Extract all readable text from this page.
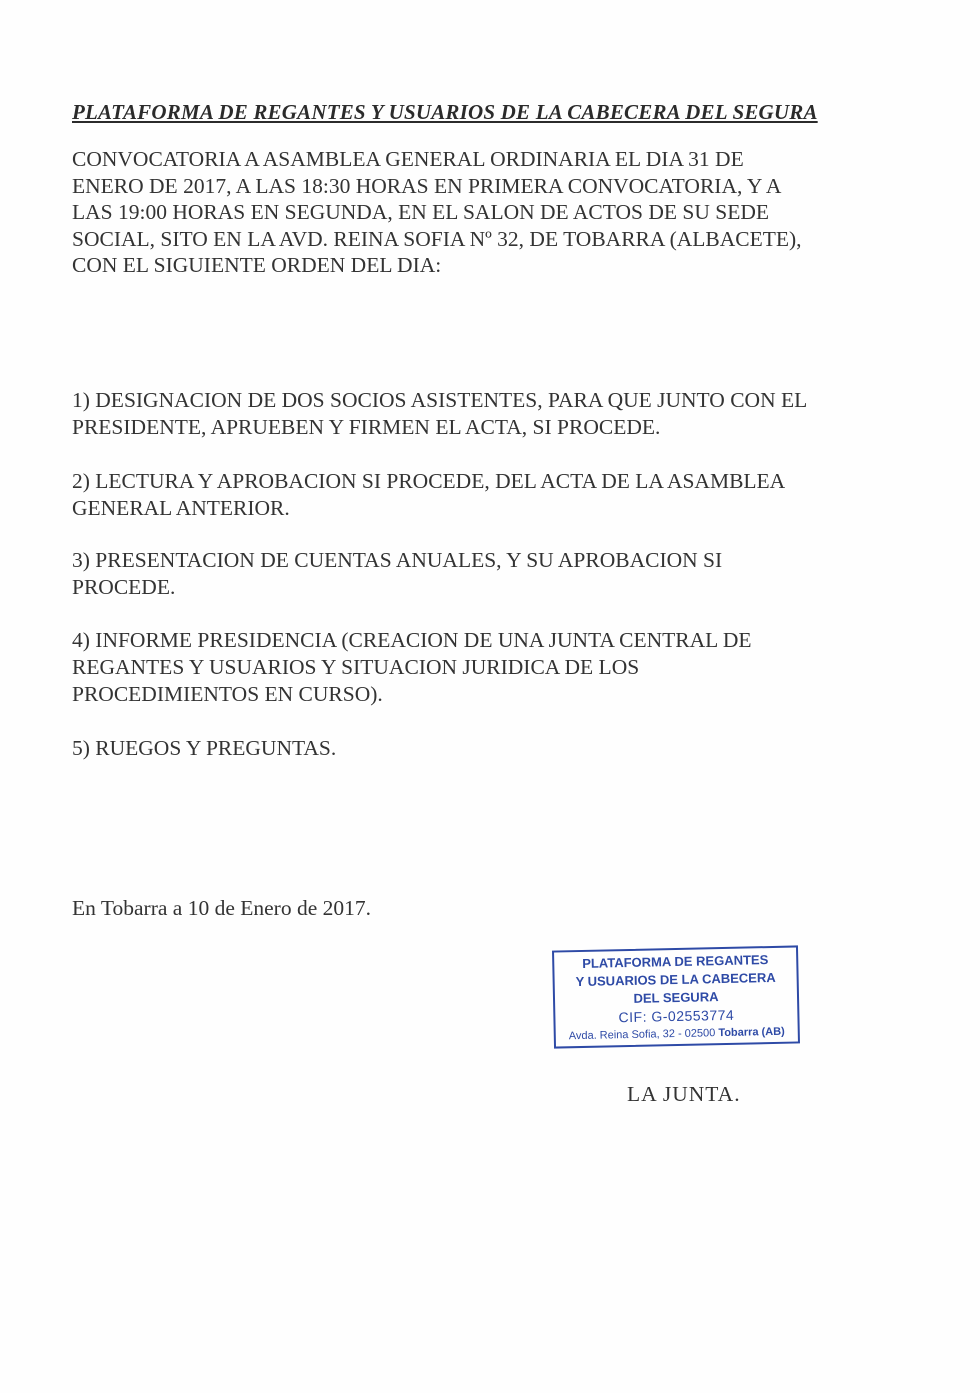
PLATAFORMA DE REGANTES Y USUARIOS DE LA CABECERA DEL SEGURA
CONVOCATORIA A ASAMBLEA GENERAL ORDINARIA EL DIA 31 DE
ENERO DE 2017, A LAS 18:30 HORAS EN PRIMERA CONVOCATORIA, Y A
LAS 19:00 HORAS EN SEGUNDA, EN EL SALON DE ACTOS DE SU SEDE
SOCIAL, SITO EN LA AVD. REINA SOFIA Nº 32, DE TOBARRA (ALBACETE),
CON EL SIGUIENTE ORDEN DEL DIA:
1) DESIGNACION DE DOS SOCIOS ASISTENTES, PARA QUE JUNTO CON EL
PRESIDENTE, APRUEBEN Y FIRMEN EL ACTA, SI PROCEDE.
2) LECTURA Y APROBACION SI PROCEDE, DEL ACTA DE LA ASAMBLEA
GENERAL ANTERIOR.
3) PRESENTACION DE CUENTAS ANUALES, Y SU APROBACION SI
PROCEDE.
4) INFORME PRESIDENCIA (CREACION DE UNA JUNTA CENTRAL DE
REGANTES Y USUARIOS Y SITUACION JURIDICA DE LOS
PROCEDIMIENTOS EN CURSO).
5) RUEGOS Y PREGUNTAS.
En Tobarra a 10 de Enero de 2017.
PLATAFORMA DE REGANTES
Y USUARIOS DE LA CABECERA
DEL SEGURA
CIF: G-02553774
Avda. Reina Sofia, 32 - 02500 Tobarra (AB)
LA JUNTA.
